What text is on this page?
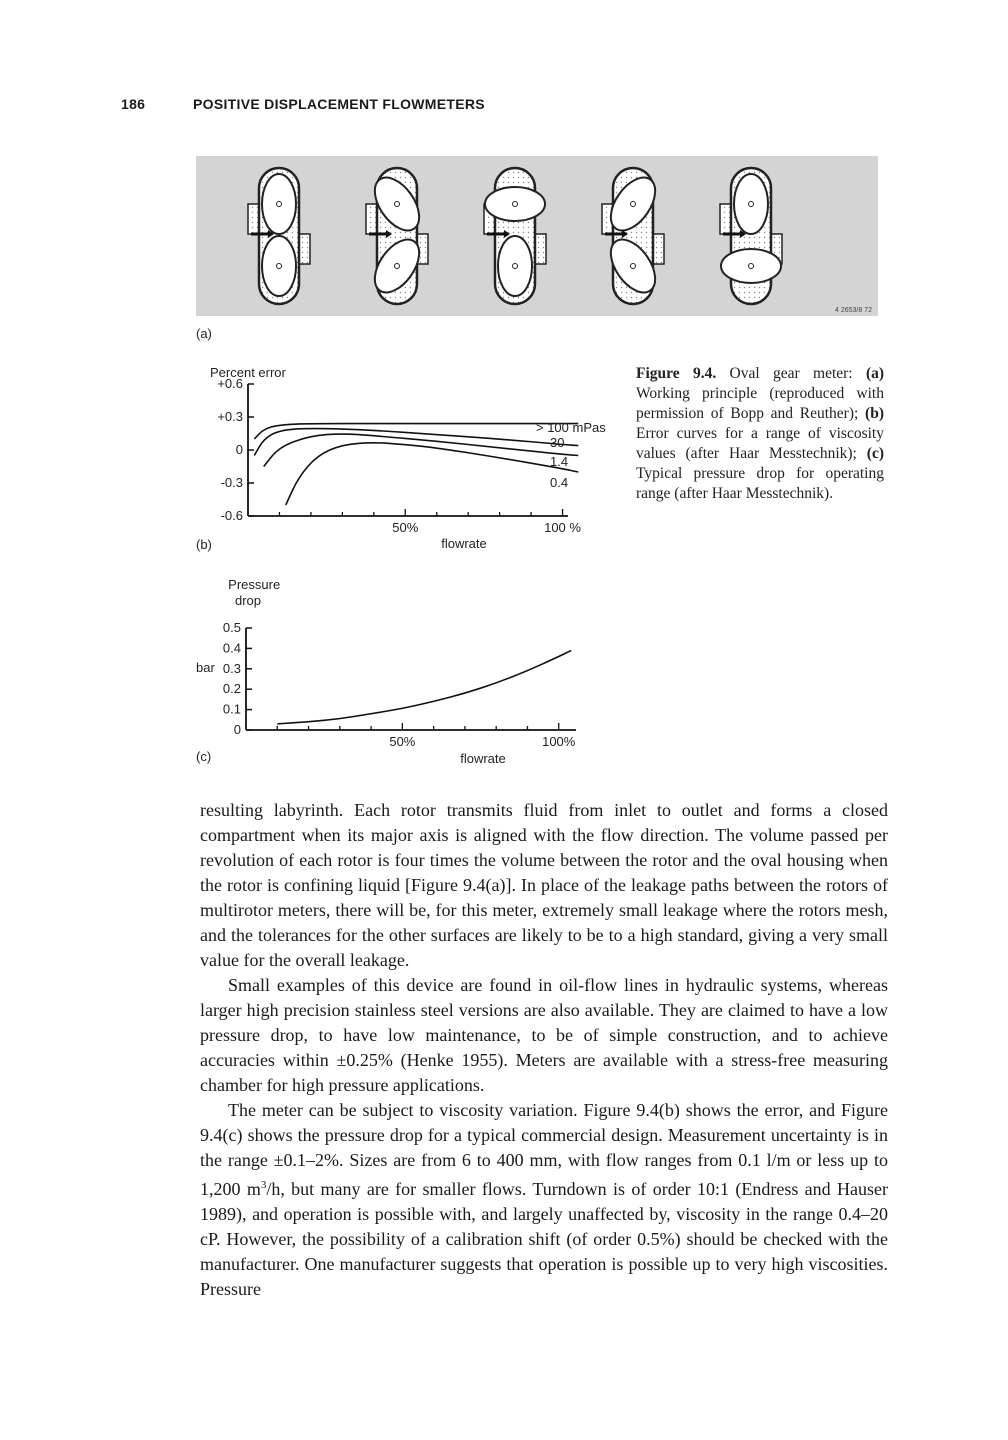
186	POSITIVE DISPLACEMENT FLOWMETERS
4 2653/8 72
(a)
Percent error
flowrate
+0.6
+0.3
0
-0.3
-0.6
50%	100 %
> 100 mPas
30
1.4
0.4
(b)
Pressure drop
bar
flowrate
0.5
0.4
0.3
0.2
0.1
0
50%	100%
(c)
Figure 9.4. Oval gear meter: (a) Working principle (reproduced with permission of Bopp and Reuther); (b) Error curves for a range of viscosity values (after Haar Messtechnik); (c) Typical pressure drop for operating range (after Haar Messtechnik).

resulting labyrinth. Each rotor transmits fluid from inlet to outlet and forms a closed compartment when its major axis is aligned with the flow direction. The volume passed per revolution of each rotor is four times the volume between the rotor and the oval housing when the rotor is confining liquid [Figure 9.4(a)]. In place of the leakage paths between the rotors of multirotor meters, there will be, for this meter, extremely small leakage where the rotors mesh, and the tolerances for the other surfaces are likely to be to a high standard, giving a very small value for the overall leakage.

Small examples of this device are found in oil-flow lines in hydraulic systems, whereas larger high precision stainless steel versions are also available. They are claimed to have a low pressure drop, to have low maintenance, to be of simple construction, and to achieve accuracies within ±0.25% (Henke 1955). Meters are available with a stress-free measuring chamber for high pressure applications.

The meter can be subject to viscosity variation. Figure 9.4(b) shows the error, and Figure 9.4(c) shows the pressure drop for a typical commercial design. Measurement uncertainty is in the range ±0.1–2%. Sizes are from 6 to 400 mm, with flow ranges from 0.1 l/m or less up to 1,200 $m^3/h$, but many are for smaller flows. Turndown is of order 10:1 (Endress and Hauser 1989), and operation is possible with, and largely unaffected by, viscosity in the range 0.4–20 cP. However, the possibility of a calibration shift (of order 0.5%) should be checked with the manufacturer. One manufacturer suggests that operation is possible up to very high viscosities. Pressure
